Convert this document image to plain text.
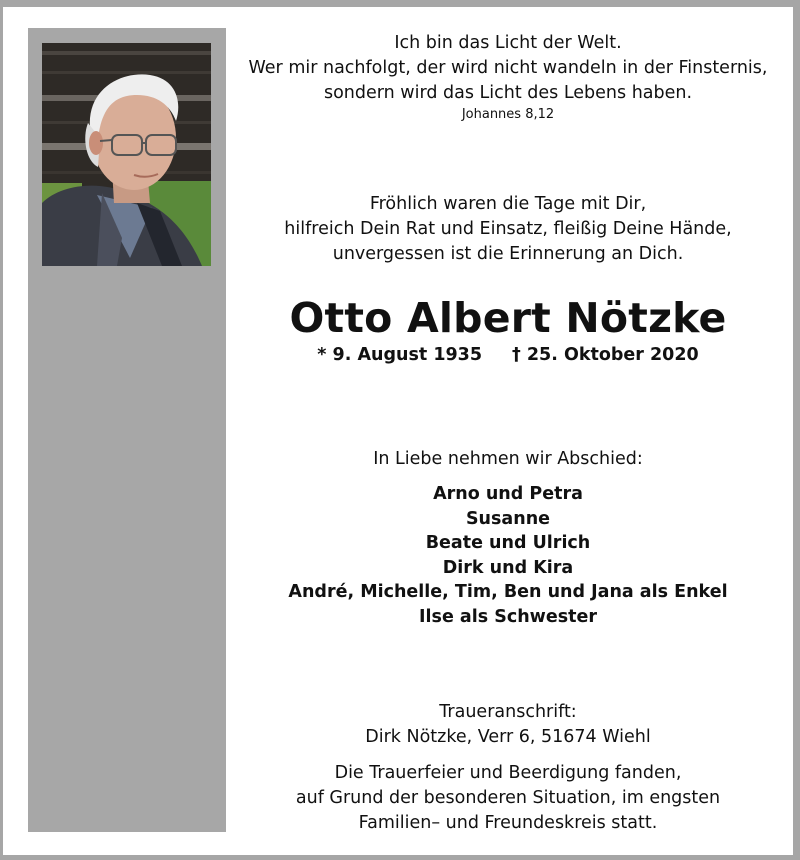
Ich bin das Licht der Welt.
Wer mir nachfolgt, der wird nicht wandeln in der Finsternis,
sondern wird das Licht des Lebens haben.
Johannes 8,12
Fröhlich waren die Tage mit Dir,
hilfreich Dein Rat und Einsatz, fleißig Deine Hände,
unvergessen ist die Erinnerung an Dich.
Otto Albert Nötzke
* 9. August 1935 † 25. Oktober 2020
In Liebe nehmen wir Abschied:
Arno und Petra
Susanne
Beate und Ulrich
Dirk und Kira
André, Michelle, Tim, Ben und Jana als Enkel
Ilse als Schwester
Traueranschrift:
Dirk Nötzke, Verr 6, 51674 Wiehl
Die Trauerfeier und Beerdigung fanden,
auf Grund der besonderen Situation, im engsten
Familien– und Freundeskreis statt.
